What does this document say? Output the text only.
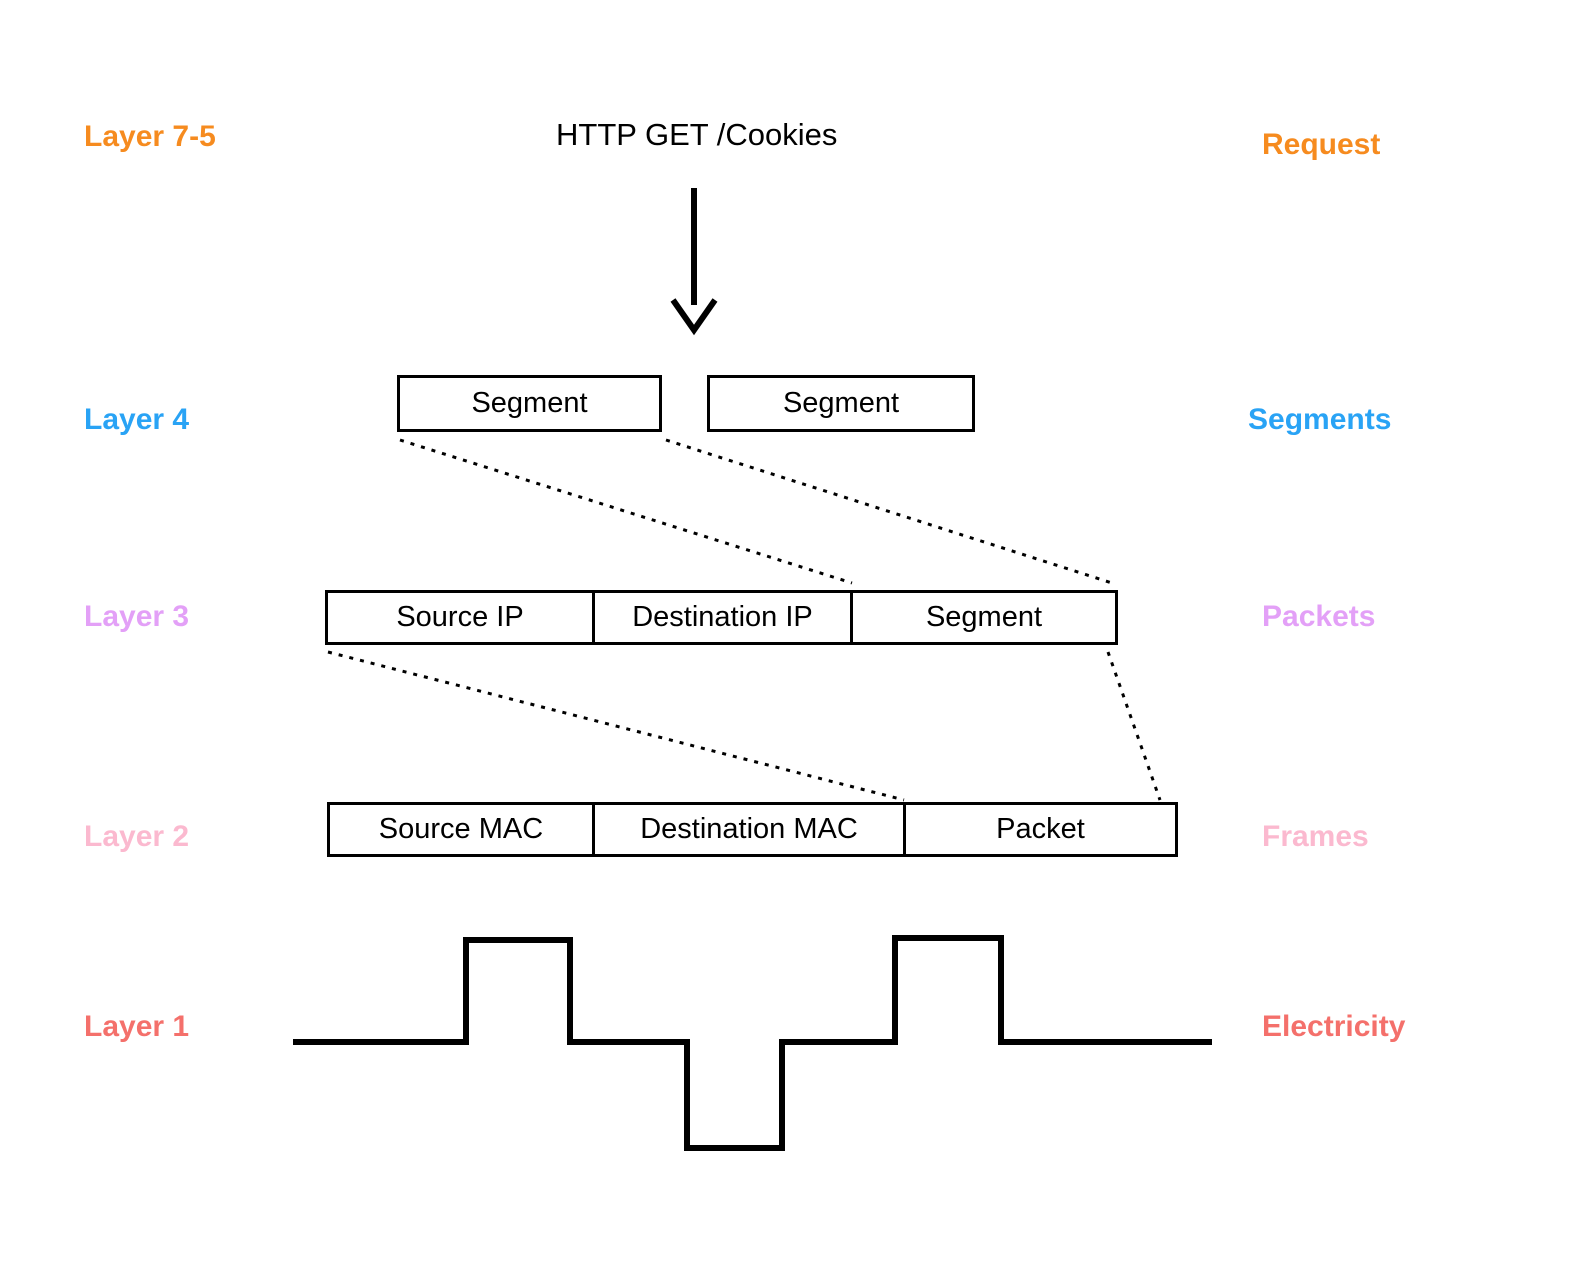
Layer 7-5
Layer 4
Layer 3
Layer 2
Layer 1
Request
Segments
Packets
Frames
Electricity
HTTP GET /Cookies
Segment	Segment
Source IP	Destination IP	Segment
Source MAC	Destination MAC	Packet
